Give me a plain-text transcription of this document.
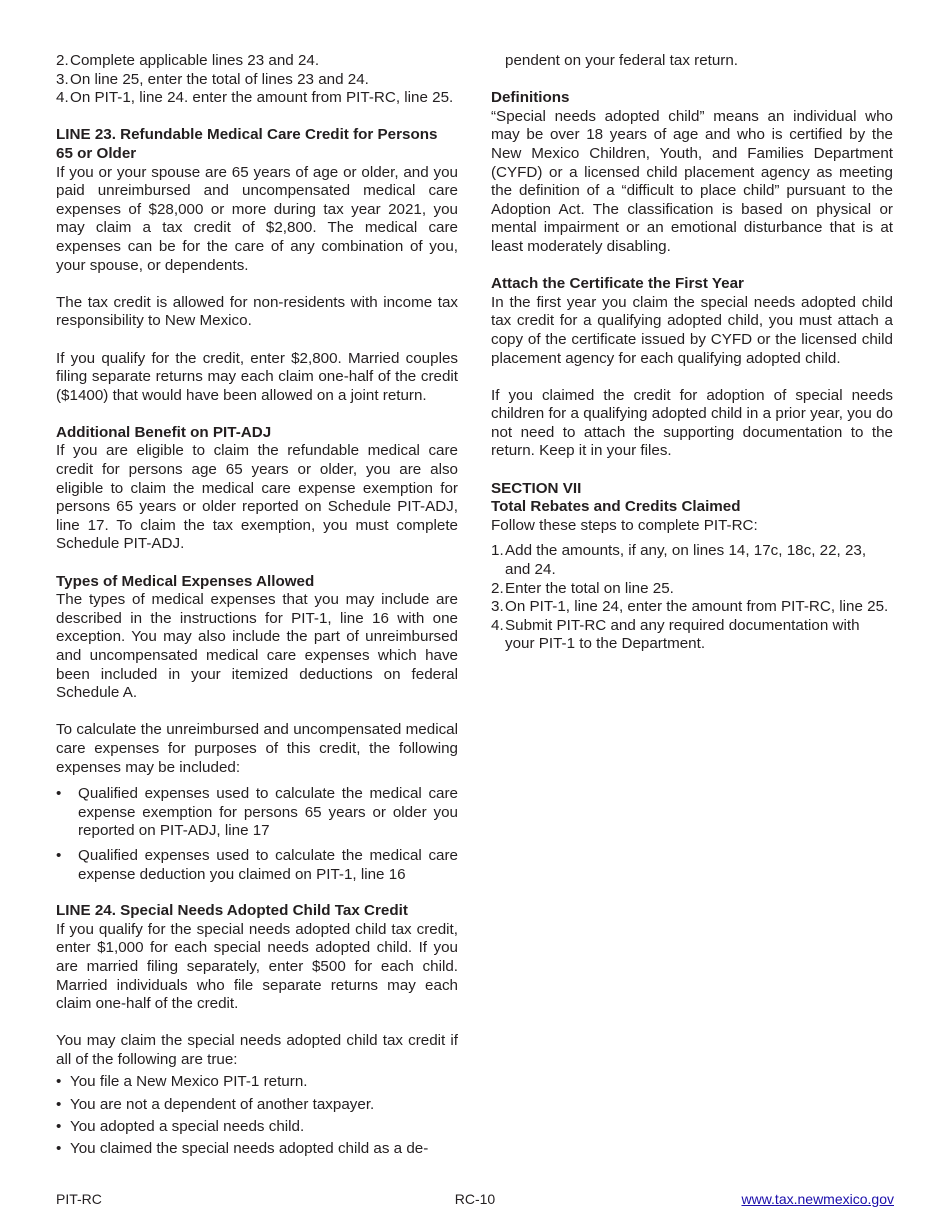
2. Complete applicable lines 23 and 24.
3. On line 25, enter the total of lines 23 and 24.
4. On PIT-1, line 24. enter the amount from PIT-RC, line 25.
LINE 23. Refundable Medical Care Credit for Persons 65 or Older

If you or your spouse are 65 years of age or older, and you paid unreimbursed and uncompensated medical care expenses of $28,000 or more during tax year 2021, you may claim a tax credit of $2,800. The medical care expenses can be for the care of any combination of you, your spouse, or dependents.

The tax credit is allowed for non-residents with income tax responsibility to New Mexico.

If you qualify for the credit, enter $2,800. Married couples filing separate returns may each claim one-half of the credit ($1400) that would have been allowed on a joint return.

Additional Benefit on PIT-ADJ

If you are eligible to claim the refundable medical care credit for persons age 65 years or older, you are also eligible to claim the medical care expense exemption for persons 65 years or older reported on Schedule PIT-ADJ, line 17. To claim the tax exemption, you must complete Schedule PIT-ADJ.

Types of Medical Expenses Allowed

The types of medical expenses that you may include are described in the instructions for PIT-1, line 16 with one exception. You may also include the part of unreimbursed and uncompensated medical care expenses which have been included in your itemized deductions on federal Schedule A.

To calculate the unreimbursed and uncompensated medical care expenses for purposes of this credit, the following expenses may be included:

• Qualified expenses used to calculate the medical care expense exemption for persons 65 years or older you reported on PIT-ADJ, line 17
• Qualified expenses used to calculate the medical care expense deduction you claimed on PIT-1, line 16
LINE 24. Special Needs Adopted Child Tax Credit

If you qualify for the special needs adopted child tax credit, enter $1,000 for each special needs adopted child. If you are married filing separately, enter $500 for each child. Married individuals who file separate returns may each claim one-half of the credit.

You may claim the special needs adopted child tax credit if all of the following are true:

• You file a New Mexico PIT-1 return.
• You are not a dependent of another taxpayer.
• You adopted a special needs child.
• You claimed the special needs adopted child as a de-

pendent on your federal tax return.

Definitions

“Special needs adopted child” means an individual who may be over 18 years of age and who is certified by the New Mexico Children, Youth, and Families Department (CYFD) or a licensed child placement agency as meeting the definition of a “difficult to place child” pursuant to the Adoption Act. The classification is based on physical or mental impairment or an emotional disturbance that is at least moderately disabling.

Attach the Certificate the First Year

In the first year you claim the special needs adopted child tax credit for a qualifying adopted child, you must attach a copy of the certificate issued by CYFD or the licensed child placement agency for each qualifying adopted child.

If you claimed the credit for adoption of special needs children for a qualifying adopted child in a prior year, you do not need to attach the supporting documentation to the return. Keep it in your files.

SECTION VII
Total Rebates and Credits Claimed

Follow these steps to complete PIT-RC:

1. Add the amounts, if any, on lines 14, 17c, 18c, 22, 23, and 24.
2. Enter the total on line 25.
3. On PIT-1, line 24, enter the amount from PIT-RC, line 25.
4. Submit PIT-RC and any required documentation with your PIT-1 to the Department.
PIT-RC	RC-10	www.tax.newmexico.gov
